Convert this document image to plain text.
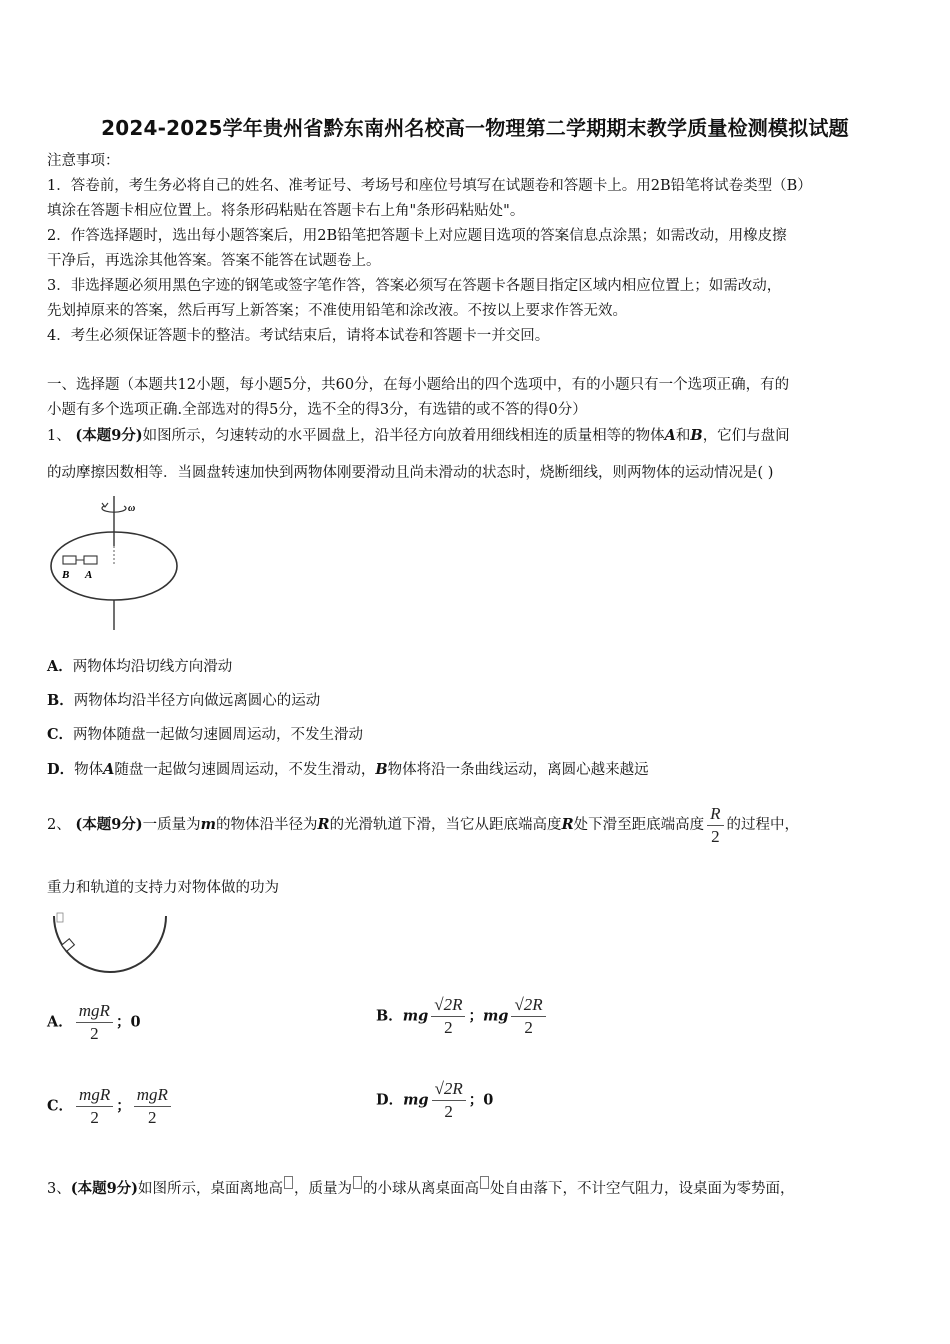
2024-2025学年贵州省黔东南州名校高一物理第二学期期末教学质量检测模拟试题
注意事项：
1．答卷前，考生务必将自己的姓名、准考证号、考场号和座位号填写在试题卷和答题卡上。用2B铅笔将试卷类型（B）
填涂在答题卡相应位置上。将条形码粘贴在答题卡右上角"条形码粘贴处"。
2．作答选择题时，选出每小题答案后，用2B铅笔把答题卡上对应题目选项的答案信息点涂黑；如需改动，用橡皮擦
干净后，再选涂其他答案。答案不能答在试题卷上。
3．非选择题必须用黑色字迹的钢笔或签字笔作答，答案必须写在答题卡各题目指定区域内相应位置上；如需改动，
先划掉原来的答案，然后再写上新答案；不准使用铅笔和涂改液。不按以上要求作答无效。
4．考生必须保证答题卡的整洁。考试结束后，请将本试卷和答题卡一并交回。
一、选择题（本题共12小题，每小题5分，共60分，在每小题给出的四个选项中，有的小题只有一个选项正确，有的
小题有多个选项正确.全部选对的得5分，选不全的得3分，有选错的或不答的得0分）
1、 (本题9分)如图所示，匀速转动的水平圆盘上，沿半径方向放着用细线相连的质量相等的物体A和B，它们与盘间
的动摩擦因数相等．当圆盘转速加快到两物体刚要滑动且尚未滑动的状态时，烧断细线，则两物体的运动情况是( )
ω
B A
A．两物体均沿切线方向滑动
B．两物体均沿半径方向做远离圆心的运动
C．两物体随盘一起做匀速圆周运动，不发生滑动
D．物体A随盘一起做匀速圆周运动，不发生滑动，B物体将沿一条曲线运动，离圆心越来越远
2、 (本题9分)一质量为m的物体沿半径为R的光滑轨道下滑，当它从距底端高度R处下滑至距底端高度 $\frac{R}{2}$ 的过程中，
重力和轨道的支持力对物体做的功为
A． $\frac{\text{mgR}}{2}$ ；0	B．mg $\frac{√2R}{2}$ ；mg $\frac{√2R}{2}$
C． $\frac{\text{mgR}}{2}$ ； $\frac{\text{mgR}}{2}$	D．mg $\frac{√2R}{2}$ ；0
3、(本题9分)如图所示，桌面离地高 ，质量为 的小球从离桌面高 处自由落下，不计空气阻力，设桌面为零势面，
